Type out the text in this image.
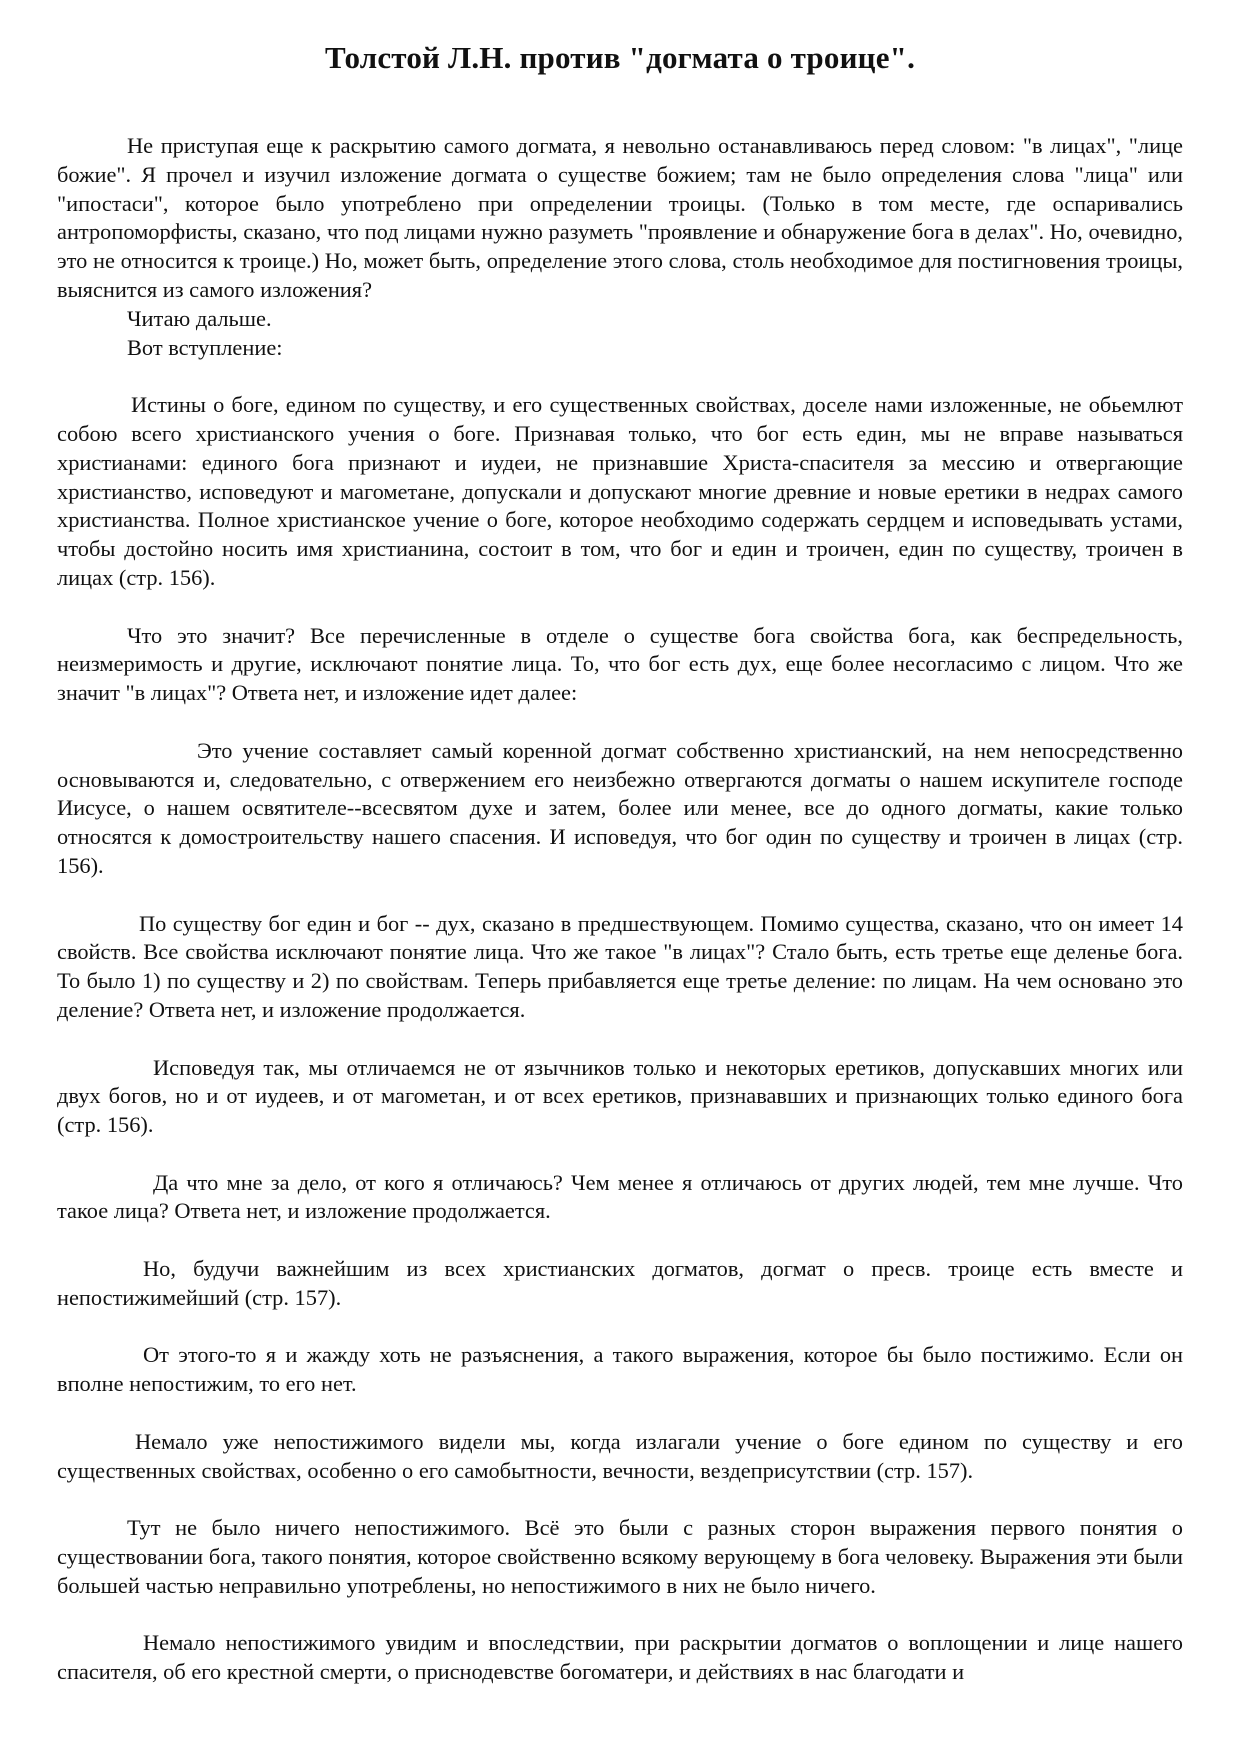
Толстой Л.Н. против "догмата о троице".

Не приступая еще к раскрытию самого догмата, я невольно останавливаюсь перед словом: "в лицах", "лице божие". Я прочел и изучил изложение догмата о существе божием; там не было определения слова "лица" или "ипостаси", которое было употреблено при определении троицы. (Только в том месте, где оспаривались антропоморфисты, сказано, что под лицами нужно разуметь "проявление и обнаружение бога в делах". Но, очевидно, это не относится к троице.) Но, может быть, определение этого слова, столь необходимое для постигновения троицы, выяснится из самого изложения?

Читаю дальше.

Вот вступление:

Истины о боге, едином по существу, и его существенных свойствах, доселе нами изложенные, не обьемлют собою всего христианского учения о боге. Признавая только, что бог есть един, мы не вправе называться христианами: единого бога признают и иудеи, не признавшие Христа-спасителя за мессию и отвергающие христианство, исповедуют и магометане, допускали и допускают многие древние и новые еретики в недрах самого христианства. Полное христианское учение о боге, которое необходимо содержать сердцем и исповедывать устами, чтобы достойно носить имя христианина, состоит в том, что бог и един и троичен, един по существу, троичен в лицах (стр. 156).

Что это значит? Все перечисленные в отделе о существе бога свойства бога, как беспредельность, неизмеримость и другие, исключают понятие лица. То, что бог есть дух, еще более несогласимо с лицом. Что же значит "в лицах"? Ответа нет, и изложение идет далее:

Это учение составляет самый коренной догмат собственно христианский, на нем непосредственно основываются и, следовательно, с отвержением его неизбежно отвергаются догматы о нашем искупителе господе Иисусе, о нашем освятителе--всесвятом духе и затем, более или менее, все до одного догматы, какие только относятся к домостроительству нашего спасения. И исповедуя, что бог один по существу и троичен в лицах (стр. 156).

По существу бог един и бог -- дух, сказано в предшествующем. Помимо существа, сказано, что он имеет 14 свойств. Все свойства исключают понятие лица. Что же такое "в лицах"? Стало быть, есть третье еще деленье бога. То было 1) по существу и 2) по свойствам. Теперь прибавляется еще третье деление: по лицам. На чем основано это деление? Ответа нет, и изложение продолжается.

Исповедуя так, мы отличаемся не от язычников только и некоторых еретиков, допускавших многих или двух богов, но и от иудеев, и от магометан, и от всех еретиков, признававших и признающих только единого бога (стр. 156).

Да что мне за дело, от кого я отличаюсь? Чем менее я отличаюсь от других людей, тем мне лучше. Что такое лица? Ответа нет, и изложение продолжается.

Но, будучи важнейшим из всех христианских догматов, догмат о пресв. троице есть вместе и непостижимейший (стр. 157).

От этого-то я и жажду хоть не разъяснения, а такого выражения, которое бы было постижимо. Если он вполне непостижим, то его нет.

Немало уже непостижимого видели мы, когда излагали учение о боге едином по существу и его существенных свойствах, особенно о его самобытности, вечности, вездеприсутствии (стр. 157).

Тут не было ничего непостижимого. Всё это были с разных сторон выражения первого понятия о существовании бога, такого понятия, которое свойственно всякому верующему в бога человеку. Выражения эти были большей частью неправильно употреблены, но непостижимого в них не было ничего.

Немало непостижимого увидим и впоследствии, при раскрытии догматов о воплощении и лице нашего спасителя, об его крестной смерти, о приснодевстве богоматери, и действиях в нас благодати и
